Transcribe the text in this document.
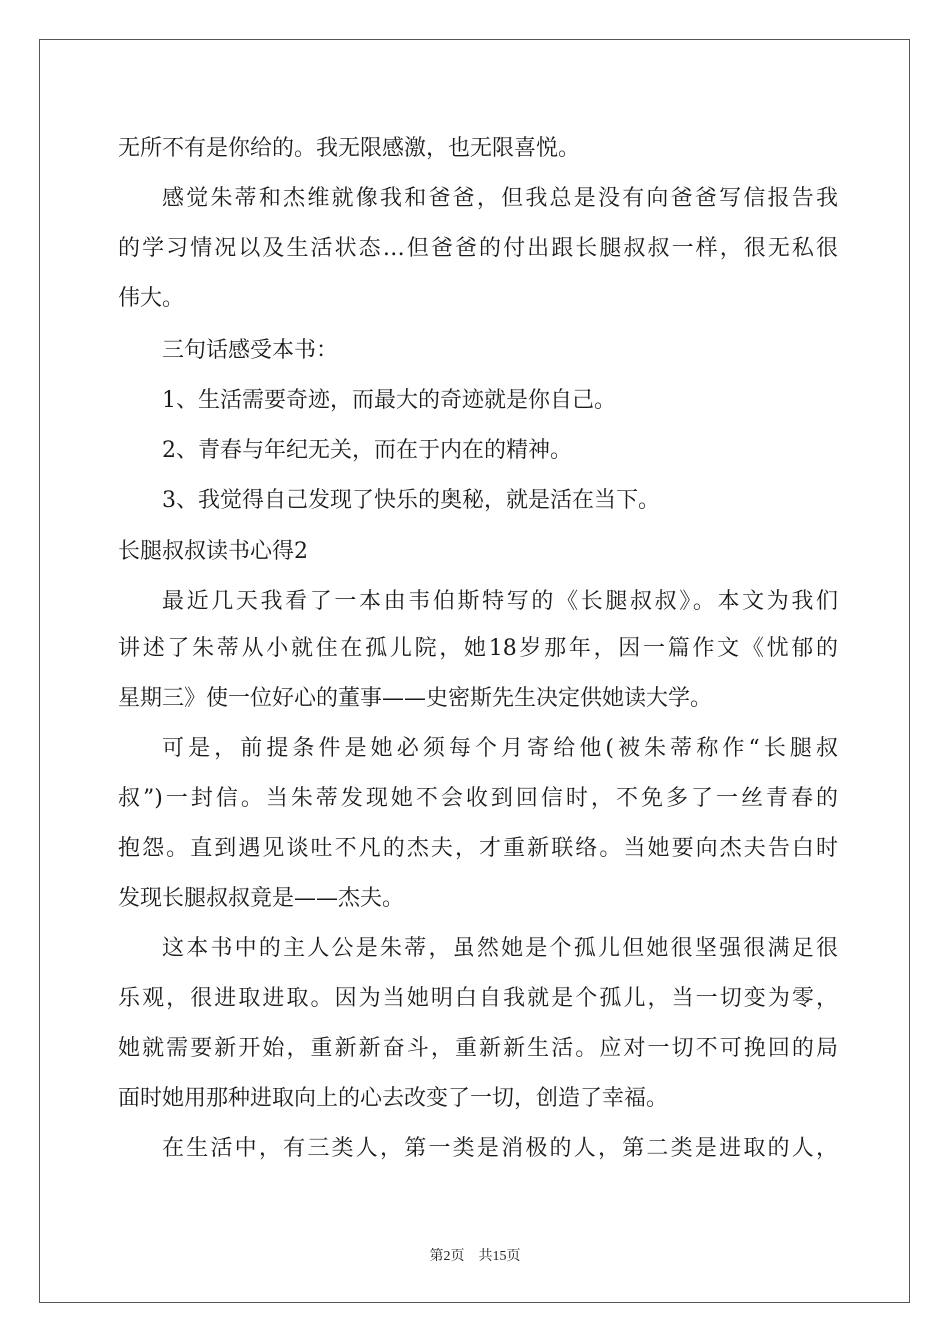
无所不有是你给的。我无限感激，也无限喜悦。
感觉朱蒂和杰维就像我和爸爸，但我总是没有向爸爸写信报告我
的学习情况以及生活状态…但爸爸的付出跟长腿叔叔一样，很无私很
伟大。
三句话感受本书：
1、生活需要奇迹，而最大的奇迹就是你自己。
2、青春与年纪无关，而在于内在的精神。
3、我觉得自己发现了快乐的奥秘，就是活在当下。
长腿叔叔读书心得2
最近几天我看了一本由韦伯斯特写的《长腿叔叔》。本文为我们
讲述了朱蒂从小就住在孤儿院，她18岁那年，因一篇作文《忧郁的
星期三》使一位好心的董事——史密斯先生决定供她读大学。
可是，前提条件是她必须每个月寄给他(被朱蒂称作“长腿叔
叔”)一封信。当朱蒂发现她不会收到回信时，不免多了一丝青春的
抱怨。直到遇见谈吐不凡的杰夫，才重新联络。当她要向杰夫告白时
发现长腿叔叔竟是——杰夫。
这本书中的主人公是朱蒂，虽然她是个孤儿但她很坚强很满足很
乐观，很进取进取。因为当她明白自我就是个孤儿，当一切变为零，
她就需要新开始，重新新奋斗，重新新生活。应对一切不可挽回的局
面时她用那种进取向上的心去改变了一切，创造了幸福。
在生活中，有三类人，第一类是消极的人，第二类是进取的人，
第2页 共15页
